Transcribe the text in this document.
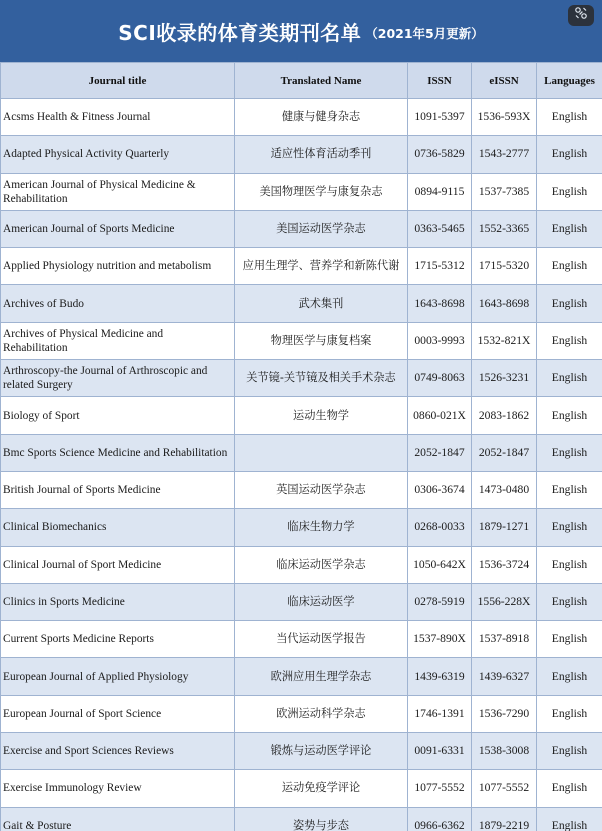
SCI收录的体育类期刊名单 （2021年5月更新）
Journal title	Translated Name	ISSN	eISSN	Languages
Acsms Health & Fitness Journal	健康与健身杂志	1091-5397	1536-593X	English
Adapted Physical Activity Quarterly	适应性体育活动季刊	0736-5829	1543-2777	English
American Journal of Physical Medicine & Rehabilitation	美国物理医学与康复杂志	0894-9115	1537-7385	English
American Journal of Sports Medicine	美国运动医学杂志	0363-5465	1552-3365	English
Applied Physiology nutrition and metabolism	应用生理学、营养学和新陈代谢	1715-5312	1715-5320	English
Archives of Budo	武术集刊	1643-8698	1643-8698	English
Archives of Physical Medicine and Rehabilitation	物理医学与康复档案	0003-9993	1532-821X	English
Arthroscopy-the Journal of Arthroscopic and related Surgery	关节镜-关节镜及相关手术杂志	0749-8063	1526-3231	English
Biology of Sport	运动生物学	0860-021X	2083-1862	English
Bmc Sports Science Medicine and Rehabilitation		2052-1847	2052-1847	English
British Journal of Sports Medicine	英国运动医学杂志	0306-3674	1473-0480	English
Clinical Biomechanics	临床生物力学	0268-0033	1879-1271	English
Clinical Journal of Sport Medicine	临床运动医学杂志	1050-642X	1536-3724	English
Clinics in Sports Medicine	临床运动医学	0278-5919	1556-228X	English
Current Sports Medicine Reports	当代运动医学报告	1537-890X	1537-8918	English
European Journal of Applied Physiology	欧洲应用生理学杂志	1439-6319	1439-6327	English
European Journal of Sport Science	欧洲运动科学杂志	1746-1391	1536-7290	English
Exercise and Sport Sciences Reviews	锻炼与运动医学评论	0091-6331	1538-3008	English
Exercise Immunology Review	运动免疫学评论	1077-5552	1077-5552	English
Gait & Posture	姿势与步态	0966-6362	1879-2219	English
